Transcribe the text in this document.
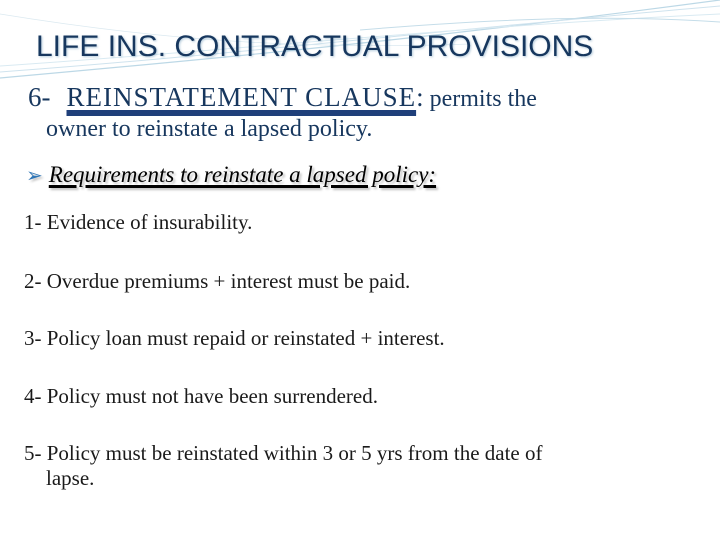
LIFE INS. CONTRACTUAL PROVISIONS

6- REINSTATEMENT CLAUSE: permits the
owner to reinstate a lapsed policy.

➢ Requirements to reinstate a lapsed policy:

1- Evidence of insurability.

2- Overdue premiums + interest must be paid.

3- Policy loan must repaid or reinstated + interest.

4- Policy must not have been surrendered.

5- Policy must be reinstated within 3 or 5 yrs from the date of
lapse.
